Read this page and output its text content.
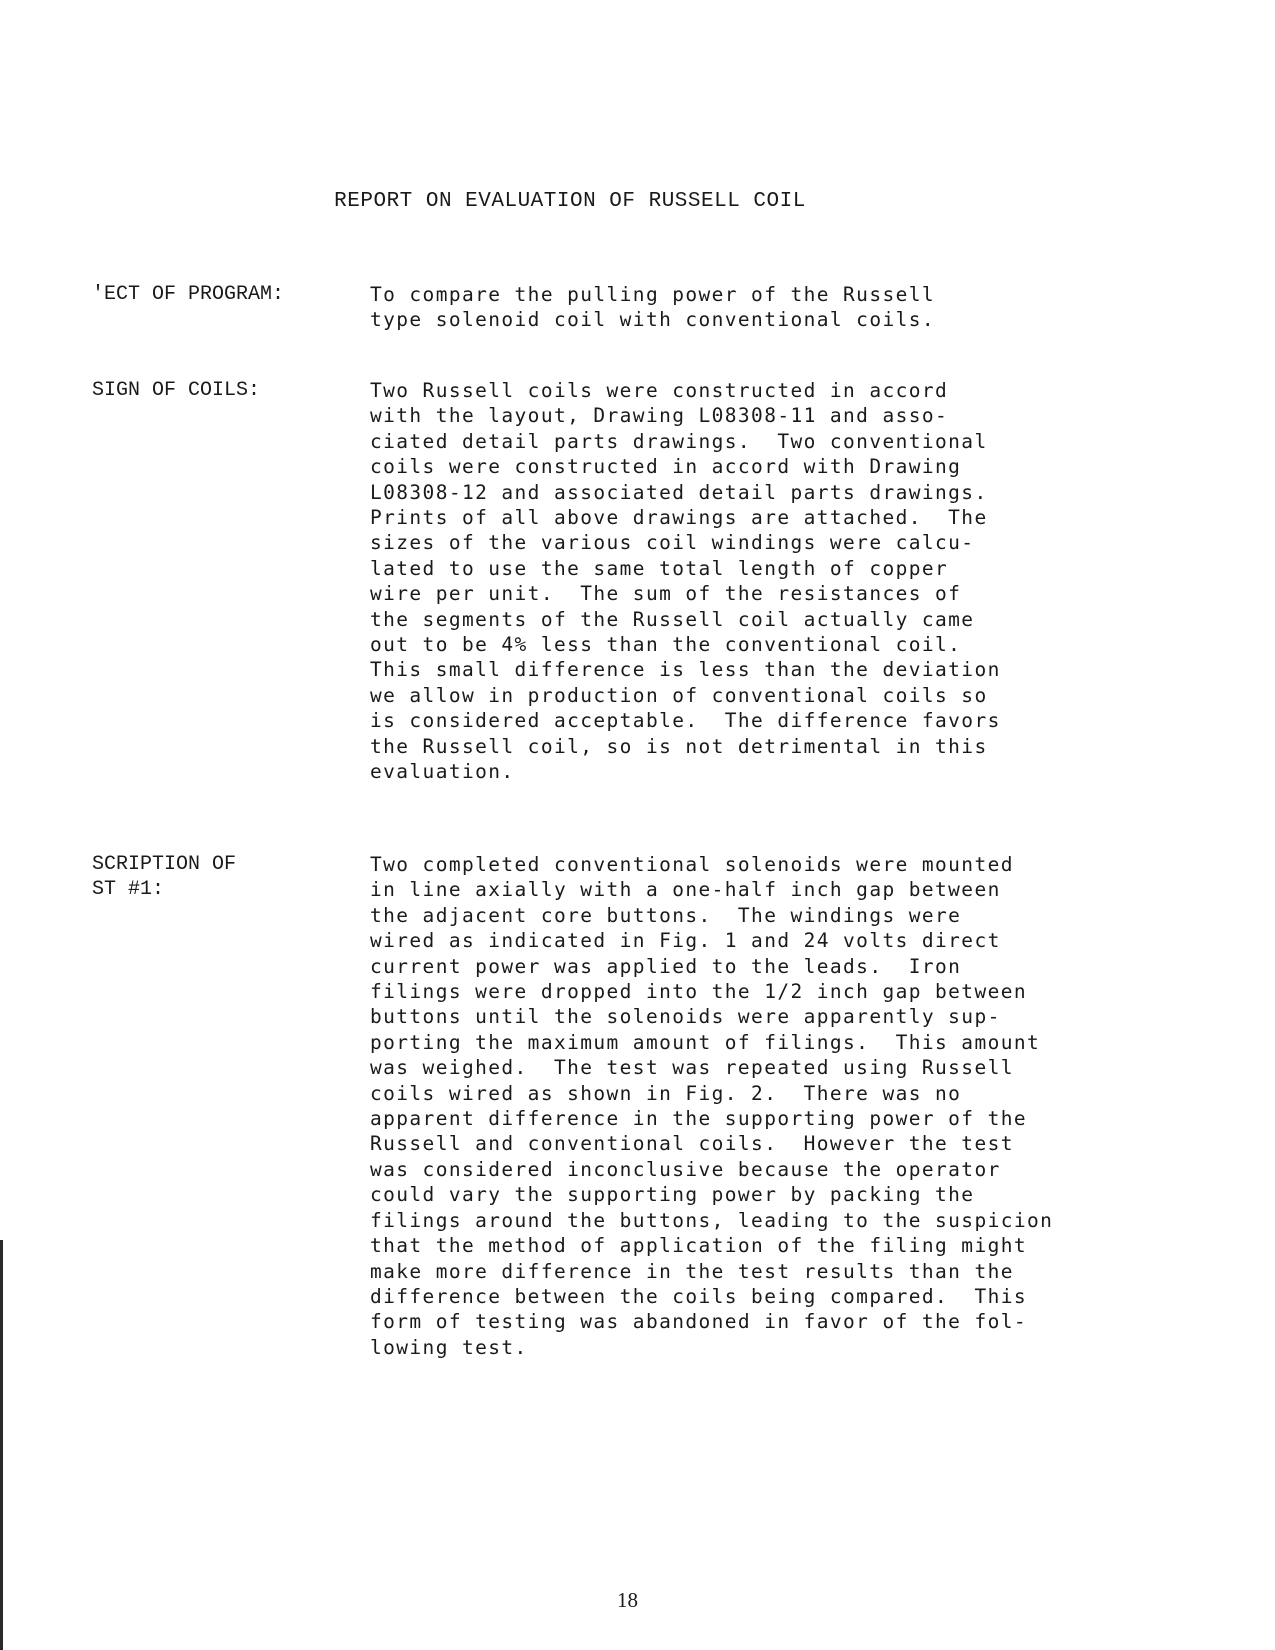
REPORT ON EVALUATION OF RUSSELL COIL
'ECT OF PROGRAM:	To compare the pulling power of the Russell
type solenoid coil with conventional coils.
SIGN OF COILS:	Two Russell coils were constructed in accord
with the layout, Drawing L08308-11 and asso-
ciated detail parts drawings.  Two conventional
coils were constructed in accord with Drawing
L08308-12 and associated detail parts drawings.
Prints of all above drawings are attached.  The
sizes of the various coil windings were calcu-
lated to use the same total length of copper
wire per unit.  The sum of the resistances of
the segments of the Russell coil actually came
out to be 4% less than the conventional coil.
This small difference is less than the deviation
we allow in production of conventional coils so
is considered acceptable.  The difference favors
the Russell coil, so is not detrimental in this
evaluation.
SCRIPTION OF
ST #1:
Two completed conventional solenoids were mounted
in line axially with a one-half inch gap between
the adjacent core buttons.  The windings were
wired as indicated in Fig. 1 and 24 volts direct
current power was applied to the leads.  Iron
filings were dropped into the 1/2 inch gap between
buttons until the solenoids were apparently sup-
porting the maximum amount of filings.  This amount
was weighed.  The test was repeated using Russell
coils wired as shown in Fig. 2.  There was no
apparent difference in the supporting power of the
Russell and conventional coils.  However the test
was considered inconclusive because the operator
could vary the supporting power by packing the
filings around the buttons, leading to the suspicion
that the method of application of the filing might
make more difference in the test results than the
difference between the coils being compared.  This
form of testing was abandoned in favor of the fol-
lowing test.
18
